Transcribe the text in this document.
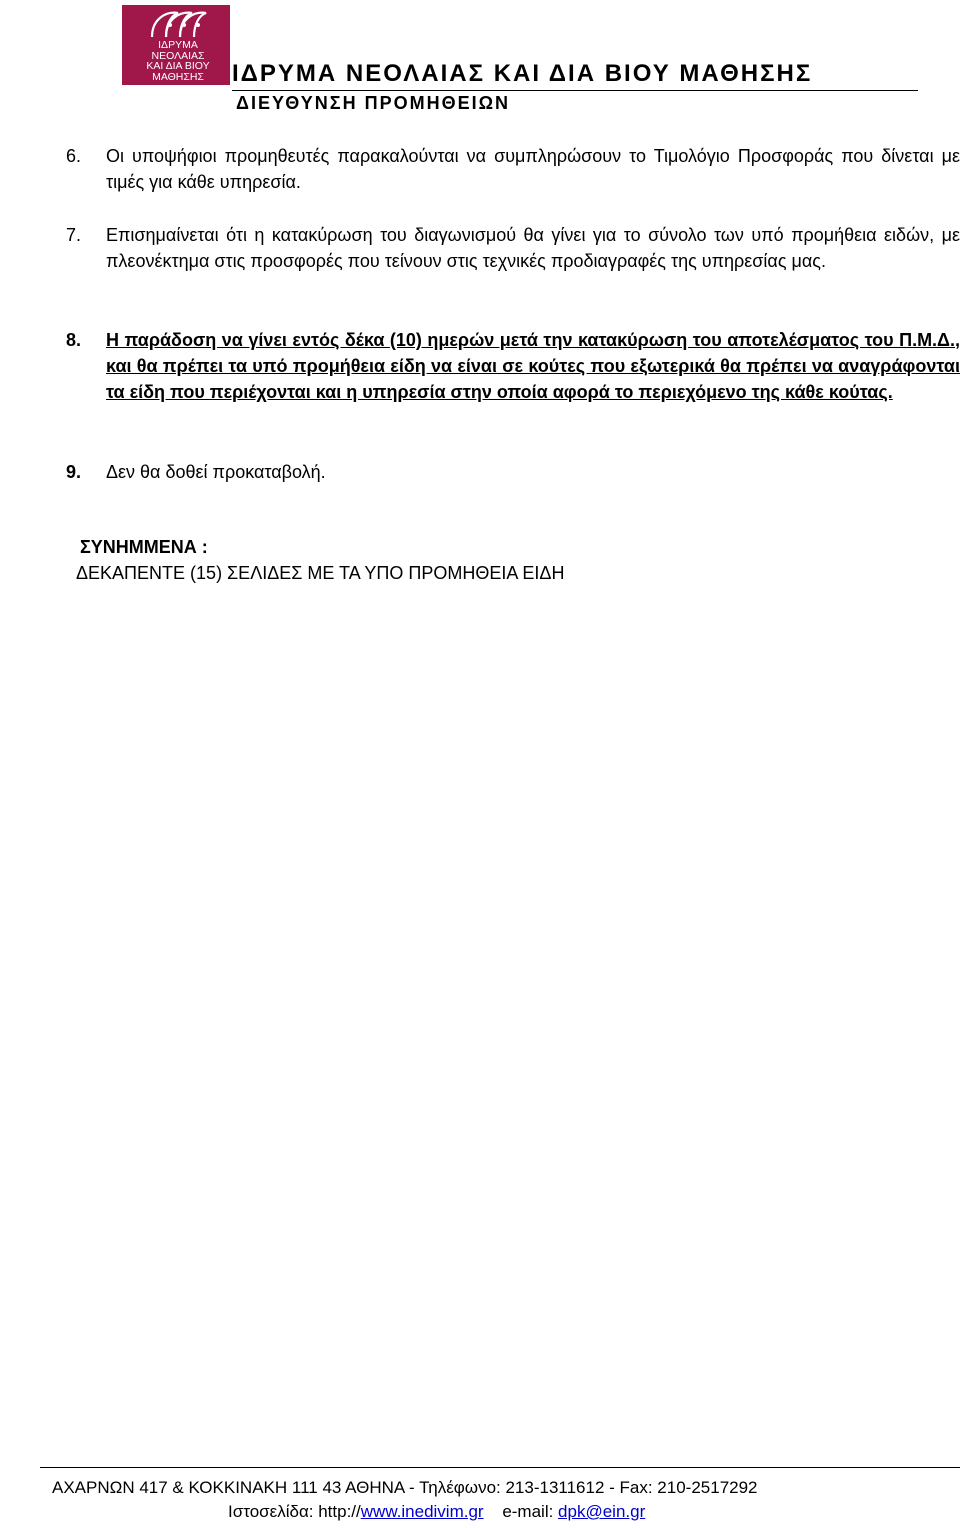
ΙΔΡΥΜΑ
ΝΕΟΛΑΙΑΣ
ΚΑΙ ΔΙΑ ΒΙΟΥ
ΜΑΘΗΣΗΣ	ΙΔΡΥΜΑ ΝΕΟΛΑΙΑΣ ΚΑΙ ΔΙΑ ΒΙΟΥ ΜΑΘΗΣΗΣ
ΔΙΕΥΘΥΝΣΗ ΠΡΟΜΗΘΕΙΩΝ
6. Οι υποψήφιοι προμηθευτές παρακαλούνται να συμπληρώσουν το Τιμολόγιο Προσφοράς που δίνεται με τιμές για κάθε υπηρεσία.
7. Επισημαίνεται ότι η κατακύρωση του διαγωνισμού θα γίνει για το σύνολο των υπό προμήθεια ειδών, με πλεονέκτημα στις προσφορές που τείνουν στις τεχνικές προδιαγραφές της υπηρεσίας μας.
8. Η παράδοση να γίνει εντός δέκα (10) ημερών μετά την κατακύρωση του αποτελέσματος του Π.Μ.Δ., και θα πρέπει τα υπό προμήθεια είδη να είναι σε κούτες που εξωτερικά θα πρέπει να αναγράφονται τα είδη που περιέχονται και η υπηρεσία στην οποία αφορά το περιεχόμενο της κάθε κούτας.
9. Δεν θα δοθεί προκαταβολή.
ΣΥΝΗΜΜΕΝΑ :
ΔΕΚΑΠΕΝΤΕ (15) ΣΕΛΙΔΕΣ ΜΕ ΤΑ ΥΠΟ ΠΡΟΜΗΘΕΙΑ ΕΙΔΗ
ΑΧΑΡΝΩΝ 417 & ΚΟΚΚΙΝΑΚΗ 111 43 ΑΘΗΝΑ - Τηλέφωνο: 213-1311612 - Fax: 210-2517292
Ιστοσελίδα: http://www.inedivim.gr e-mail: dpk@ein.gr
